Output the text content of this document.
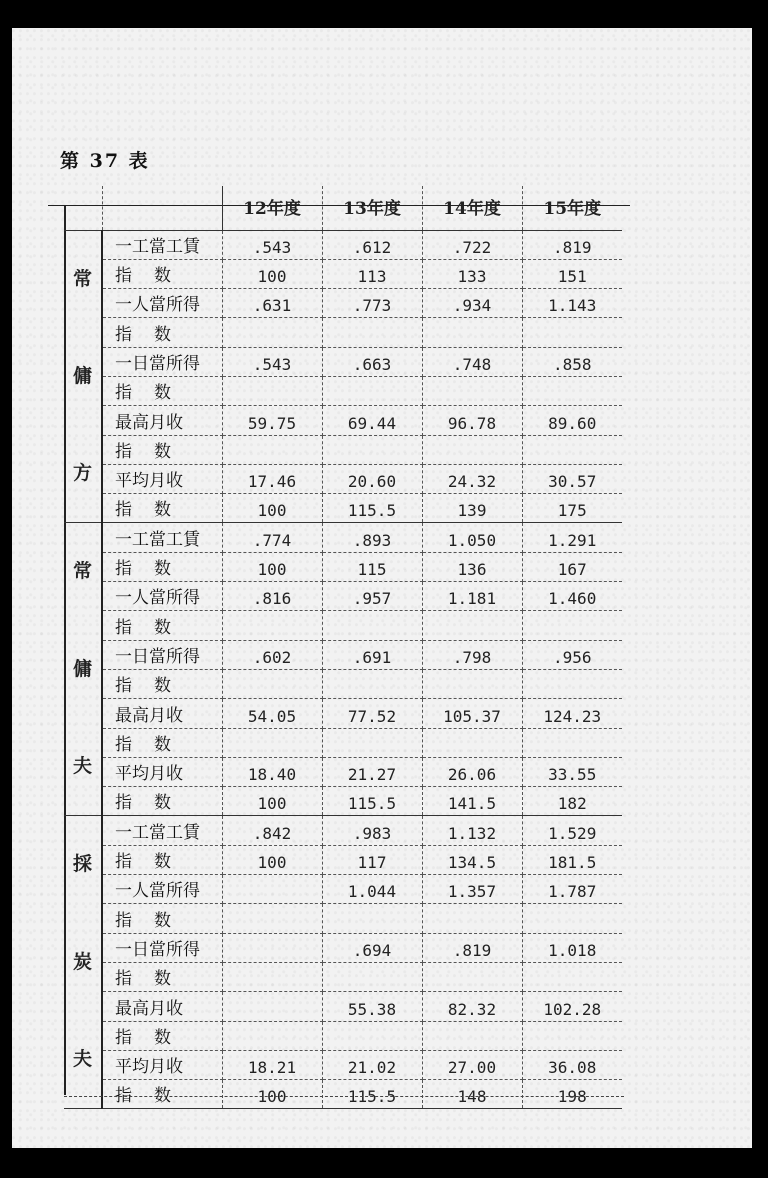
第 37 表
		12年度	13年度	14年度	15年度

常
傭
方	一工當工賃	.543	.612	.722	.819
	指数	100	113	133	151
	一人當所得	.631	.773	.934	1.143
	指数				
	一日當所得	.543	.663	.748	.858
	指数				
	最高月收	59.75	69.44	96.78	89.60
	指数				
	平均月收	17.46	20.60	24.32	30.57
	指数	100	115.5	139	175

常
傭
夫	一工當工賃	.774	.893	1.050	1.291
	指数	100	115	136	167
	一人當所得	.816	.957	1.181	1.460
	指数				
	一日當所得	.602	.691	.798	.956
	指数				
	最高月收	54.05	77.52	105.37	124.23
	指数				
	平均月收	18.40	21.27	26.06	33.55
	指数	100	115.5	141.5	182

採
炭
夫	一工當工賃	.842	.983	1.132	1.529
	指数	100	117	134.5	181.5
	一人當所得		1.044	1.357	1.787
	指数				
	一日當所得		.694	.819	1.018
	指数				
	最高月收		55.38	82.32	102.28
	指数				
	平均月收	18.21	21.02	27.00	36.08
	指数	100	115.5	148	198
